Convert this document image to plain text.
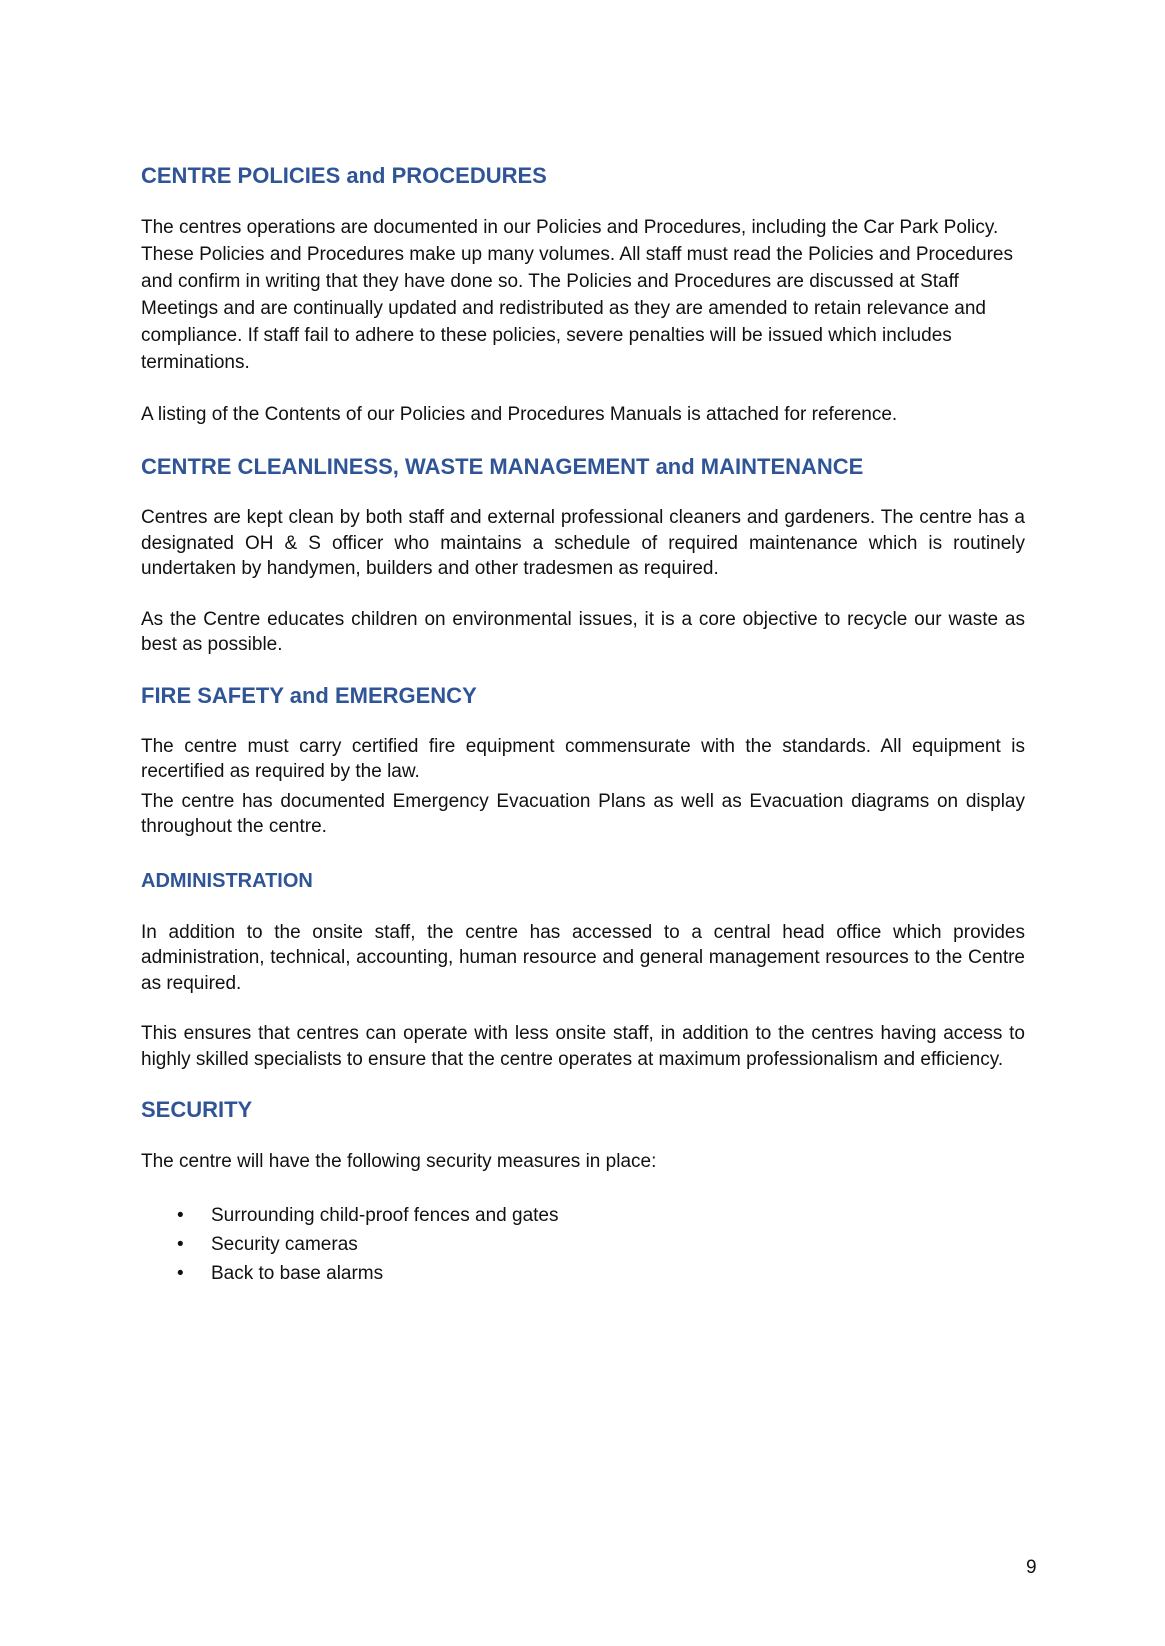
CENTRE POLICIES and PROCEDURES

The centres operations are documented in our Policies and Procedures, including the Car Park Policy. These Policies and Procedures make up many volumes. All staff must read the Policies and Procedures and confirm in writing that they have done so. The Policies and Procedures are discussed at Staff Meetings and are continually updated and redistributed as they are amended to retain relevance and compliance. If staff fail to adhere to these policies, severe penalties will be issued which includes terminations.

A listing of the Contents of our Policies and Procedures Manuals is attached for reference.

CENTRE CLEANLINESS, WASTE MANAGEMENT and MAINTENANCE

Centres are kept clean by both staff and external professional cleaners and gardeners. The centre has a designated OH & S officer who maintains a schedule of required maintenance which is routinely undertaken by handymen, builders and other tradesmen as required.

As the Centre educates children on environmental issues, it is a core objective to recycle our waste as best as possible.

FIRE SAFETY and EMERGENCY

The centre must carry certified fire equipment commensurate with the standards. All equipment is recertified as required by the law.

The centre has documented Emergency Evacuation Plans as well as Evacuation diagrams on display throughout the centre.

ADMINISTRATION

In addition to the onsite staff, the centre has accessed to a central head office which provides administration, technical, accounting, human resource and general management resources to the Centre as required.

This ensures that centres can operate with less onsite staff, in addition to the centres having access to highly skilled specialists to ensure that the centre operates at maximum professionalism and efficiency.

SECURITY

The centre will have the following security measures in place:

• Surrounding child-proof fences and gates
• Security cameras
• Back to base alarms
9
